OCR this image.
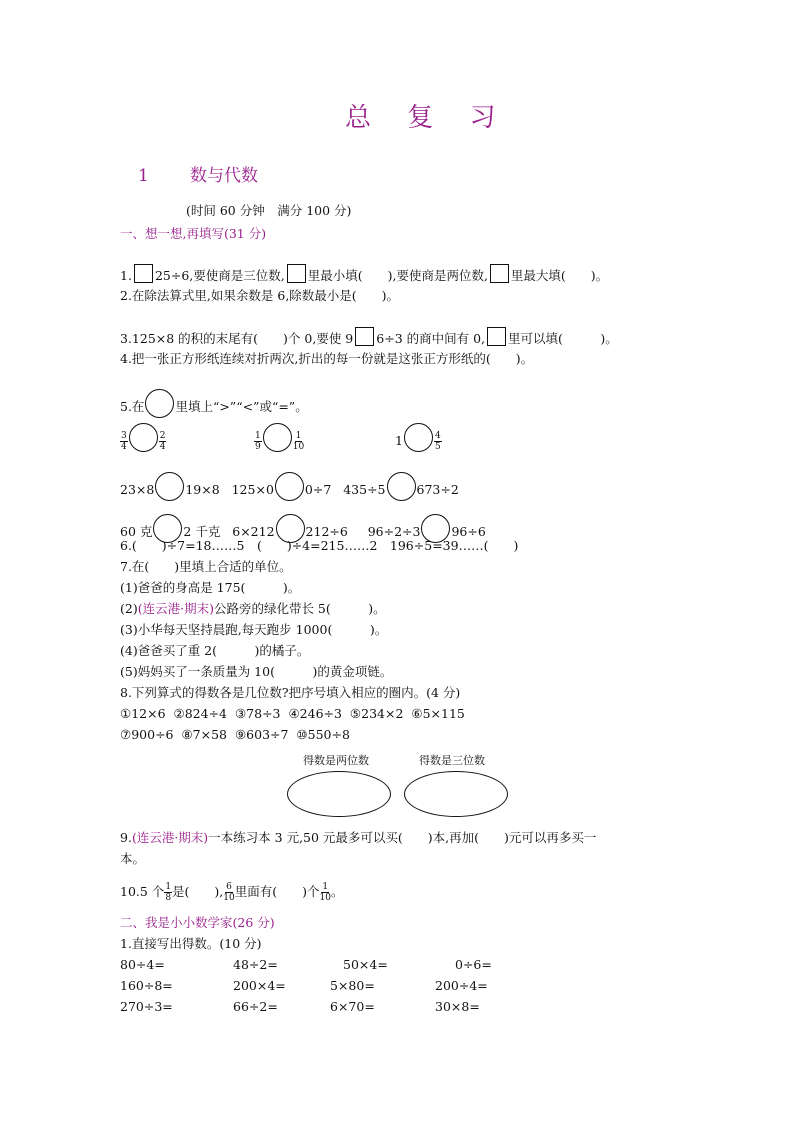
总 复 习
1 数与代数
(时间 60 分钟　满分 100 分)
一、想一想,再填写(31 分)
1. 25÷6,要使商是三位数, 里最小填(　　),要使商是两位数, 里最大填(　　)。
2.在除法算式里,如果余数是 6,除数最小是(　　)。
3.125×8 的积的末尾有(　　)个 0,要使 9 6÷3 的商中间有 0, 里可以填(　　　)。
4.把一张正方形纸连续对折两次,折出的每一份就是这张正方形纸的(　　)。
5.在 里填上“>”“<”或“=”。
$\frac{3}{4}$	$\frac{2}{4}$	$\frac{1}{9}$	$\frac{1}{10}$	1	$\frac{4}{5}$
23×8 19×8 125×0 0÷7 435÷5 673÷2
60 克 2 千克 6×212 212÷6 96÷2÷3 96÷6
6.(　　)÷7=18……5　(　　)÷4=215……2　196÷5=39……(　　)
7.在(　　)里填上合适的单位。
(1)爸爸的身高是 175(　　　)。
(2)(连云港·期末)公路旁的绿化带长 5(　　　)。
(3)小华每天坚持晨跑,每天跑步 1000(　　　)。
(4)爸爸买了重 2(　　　)的橘子。
(5)妈妈买了一条质量为 10(　　　)的黄金项链。
8.下列算式的得数各是几位数?把序号填入相应的圈内。(4 分)
①12×6 ②824÷4 ③78÷3 ④246÷3 ⑤234×2 ⑥5×115
⑦900÷6 ⑧7×58 ⑨603÷7 ⑩550÷8
得数是两位数	得数是三位数
9.(连云港·期末)一本练习本 3 元,50 元最多可以买(　　)本,再加(　　)元可以再多买一
本。
10.5 个 $\frac{1}{8}$ 是(　　), $\frac{6}{10}$ 里面有(　　)个 $\frac{1}{10}$ 。
二、我是小小数学家(26 分)
1.直接写出得数。(10 分)
80÷4=	48÷2=	50×4=	0÷6=
160÷8=	200×4=	5×80=	200÷4=
270÷3=	66÷2=	6×70=	30×8=
